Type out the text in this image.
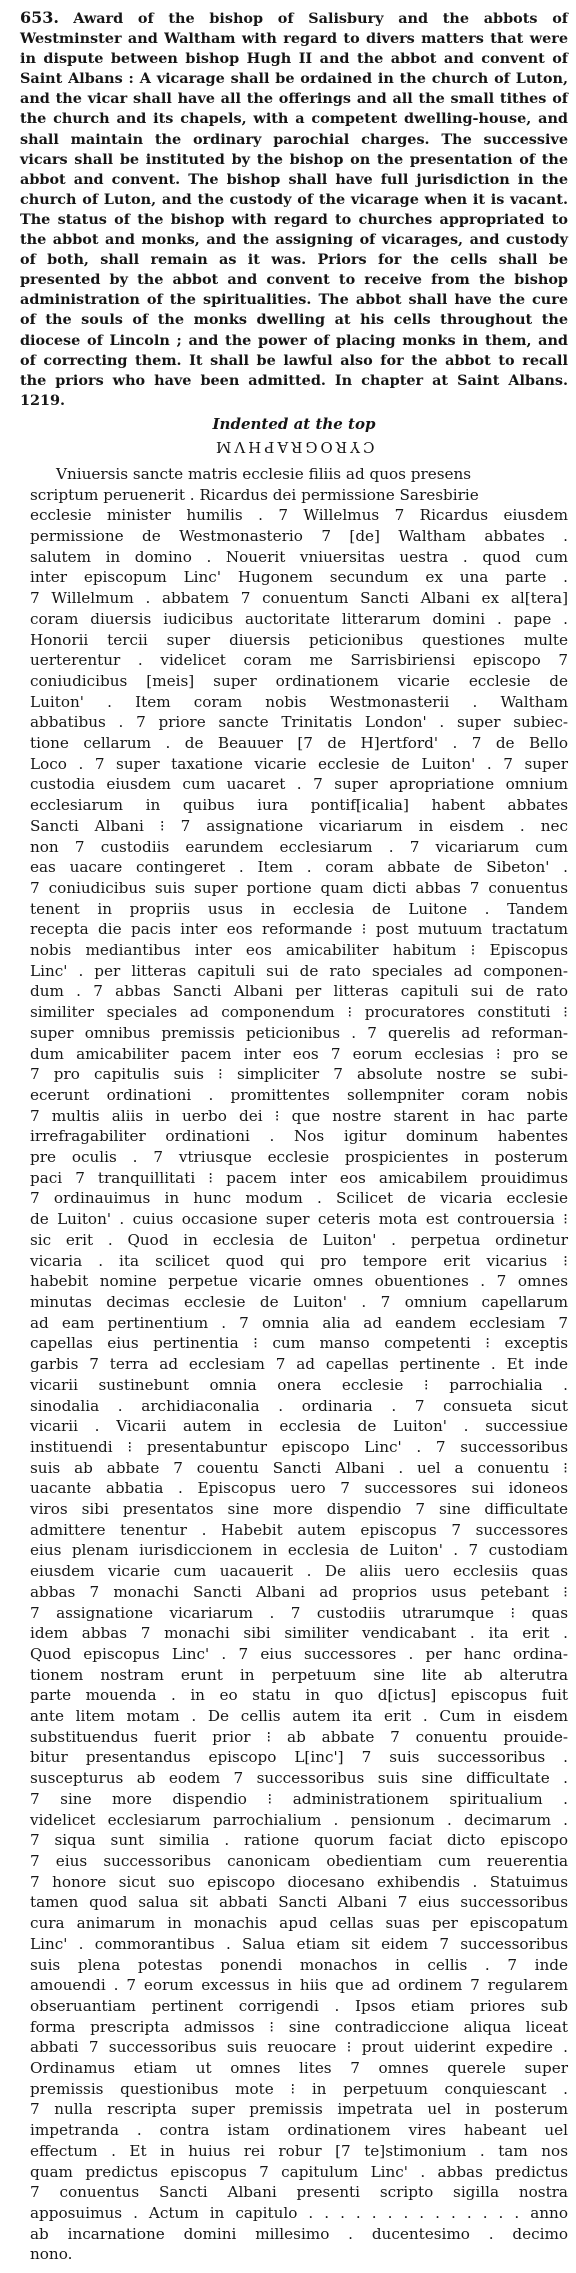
653. Award of the bishop of Salisbury and the abbots of Westminster and Waltham with regard to divers matters that were in dispute between bishop Hugh II and the abbot and convent of Saint Albans : A vicarage shall be ordained in the church of Luton, and the vicar shall have all the offerings and all the small tithes of the church and its chapels, with a competent dwelling-house, and shall maintain the ordinary parochial charges. The successive vicars shall be instituted by the bishop on the presentation of the abbot and convent. The bishop shall have full jurisdiction in the church of Luton, and the custody of the vicarage when it is vacant. The status of the bishop with regard to churches appropriated to the abbot and monks, and the assigning of vicarages, and custody of both, shall remain as it was. Priors for the cells shall be presented by the abbot and convent to receive from the bishop administration of the spiritualities. The abbot shall have the cure of the souls of the monks dwelling at his cells throughout the diocese of Lincoln ; and the power of placing monks in them, and of correcting them. It shall be lawful also for the abbot to recall the priors who have been admitted. In chapter at Saint Albans. 1219.

Indented at the top
CYROGRAPHVM
Vniuersis sancte matris ecclesie filiis ad quos presens
scriptum peruenerit . Ricardus dei permissione Saresbirie
ecclesie minister humilis . 7 Willelmus 7 Ricardus eiusdem
permissione de Westmonasterio 7 [de] Waltham abbates .
salutem in domino . Nouerit vniuersitas uestra . quod cum
inter episcopum Linc' Hugonem secundum ex una parte .
7 Willelmum . abbatem 7 conuentum Sancti Albani ex al[tera]
coram diuersis iudicibus auctoritate litterarum domini . pape .
Honorii tercii super diuersis peticionibus questiones multe
uerterentur . videlicet coram me Sarrisbiriensi episcopo 7
coniudicibus [meis] super ordinationem vicarie ecclesie de
Luiton' . Item coram nobis Westmonasterii . Waltham
abbatibus . 7 priore sancte Trinitatis London' . super subiec-
tione cellarum . de Beauuer [7 de H]ertford' . 7 de Bello
Loco . 7 super taxatione vicarie ecclesie de Luiton' . 7 super
custodia eiusdem cum uacaret . 7 super apropriatione omnium
ecclesiarum in quibus iura pontif[icalia] habent abbates
Sancti Albani ⁝ 7 assignatione vicariarum in eisdem . nec
non 7 custodiis earundem ecclesiarum . 7 vicariarum cum
eas uacare contingeret . Item . coram abbate de Sibeton' .
7 coniudicibus suis super portione quam dicti abbas 7 conuentus
tenent in propriis usus in ecclesia de Luitone . Tandem
recepta die pacis inter eos reformande ⁝ post mutuum tractatum
nobis mediantibus inter eos amicabiliter habitum ⁝ Episcopus
Linc' . per litteras capituli sui de rato speciales ad componen-
dum . 7 abbas Sancti Albani per litteras capituli sui de rato
similiter speciales ad componendum ⁝ procuratores constituti ⁝
super omnibus premissis peticionibus . 7 querelis ad reforman-
dum amicabiliter pacem inter eos 7 eorum ecclesias ⁝ pro se
7 pro capitulis suis ⁝ simpliciter 7 absolute nostre se subi-
ecerunt ordinationi . promittentes sollempniter coram nobis
7 multis aliis in uerbo dei ⁝ que nostre starent in hac parte
irrefragabiliter ordinationi . Nos igitur dominum habentes
pre oculis . 7 vtriusque ecclesie prospicientes in posterum
paci 7 tranquillitati ⁝ pacem inter eos amicabilem prouidimus
7 ordinauimus in hunc modum . Scilicet de vicaria ecclesie
de Luiton' . cuius occasione super ceteris mota est controuersia ⁝
sic erit . Quod in ecclesia de Luiton' . perpetua ordinetur
vicaria . ita scilicet quod qui pro tempore erit vicarius ⁝
habebit nomine perpetue vicarie omnes obuentiones . 7 omnes
minutas decimas ecclesie de Luiton' . 7 omnium capellarum
ad eam pertinentium . 7 omnia alia ad eandem ecclesiam 7
capellas eius pertinentia ⁝ cum manso competenti ⁝ exceptis
garbis 7 terra ad ecclesiam 7 ad capellas pertinente . Et inde
vicarii sustinebunt omnia onera ecclesie ⁝ parrochialia .
sinodalia . archidiaconalia . ordinaria . 7 consueta sicut
vicarii . Vicarii autem in ecclesia de Luiton' . successiue
instituendi ⁝ presentabuntur episcopo Linc' . 7 successoribus
suis ab abbate 7 couentu Sancti Albani . uel a conuentu ⁝
uacante abbatia . Episcopus uero 7 successores sui idoneos
viros sibi presentatos sine more dispendio 7 sine difficultate
admittere tenentur . Habebit autem episcopus 7 successores
eius plenam iurisdiccionem in ecclesia de Luiton' . 7 custodiam
eiusdem vicarie cum uacauerit . De aliis uero ecclesiis quas
abbas 7 monachi Sancti Albani ad proprios usus petebant ⁝
7 assignatione vicariarum . 7 custodiis utrarumque ⁝ quas
idem abbas 7 monachi sibi similiter vendicabant . ita erit .
Quod episcopus Linc' . 7 eius successores . per hanc ordina-
tionem nostram erunt in perpetuum sine lite ab alterutra
parte mouenda . in eo statu in quo d[ictus] episcopus fuit
ante litem motam . De cellis autem ita erit . Cum in eisdem
substituendus fuerit prior ⁝ ab abbate 7 conuentu prouide-
bitur presentandus episcopo L[inc'] 7 suis successoribus .
suscepturus ab eodem 7 successoribus suis sine difficultate .
7 sine more dispendio ⁝ administrationem spiritualium .
videlicet ecclesiarum parrochialium . pensionum . decimarum .
7 siqua sunt similia . ratione quorum faciat dicto episcopo
7 eius successoribus canonicam obedientiam cum reuerentia
7 honore sicut suo episcopo diocesano exhibendis . Statuimus
tamen quod salua sit abbati Sancti Albani 7 eius successoribus
cura animarum in monachis apud cellas suas per episcopatum
Linc' . commorantibus . Salua etiam sit eidem 7 successoribus
suis plena potestas ponendi monachos in cellis . 7 inde
amouendi . 7 eorum excessus in hiis que ad ordinem 7 regularem
obseruantiam pertinent corrigendi . Ipsos etiam priores sub
forma prescripta admissos ⁝ sine contradiccione aliqua liceat
abbati 7 successoribus suis reuocare ⁝ prout uiderint expedire .
Ordinamus etiam ut omnes lites 7 omnes querele super
premissis questionibus mote ⁝ in perpetuum conquiescant .
7 nulla rescripta super premissis impetrata uel in posterum
impetranda . contra istam ordinationem vires habeant uel
effectum . Et in huius rei robur [7 te]stimonium . tam nos
quam predictus episcopus 7 capitulum Linc' . abbas predictus
7 conuentus Sancti Albani presenti scripto sigilla nostra
apposuimus . Actum in capitulo . . . . . . . . . . . . . . anno
ab incarnatione domini millesimo . ducentesimo . decimo
nono.
